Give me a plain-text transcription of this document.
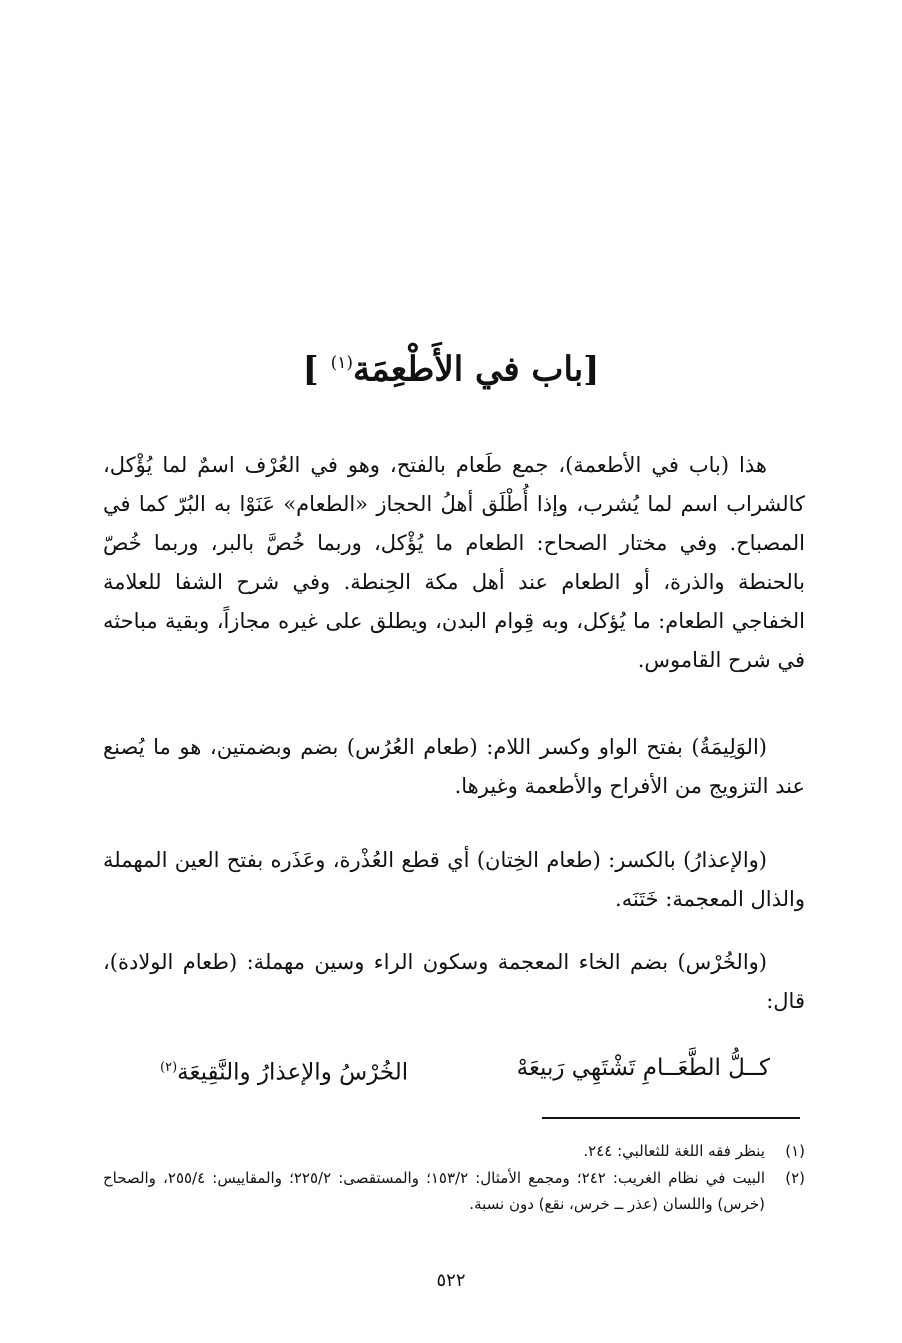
[باب في الأَطْعِمَة$^{(١)}$ ]

هذا (باب في الأطعمة)، جمع طَعام بالفتح، وهو في العُرْف اسمٌ لما يُؤْكل، كالشراب اسم لما يُشرب، وإذا أُطْلَق أهلُ الحجاز «الطعام» عَنَوْا به البُرّ كما في المصباح. وفي مختار الصحاح: الطعام ما يُؤْكل، وربما خُصَّ بالبر، وربما خُصّ بالحنطة والذرة، أو الطعام عند أهل مكة الحِنطة. وفي شرح الشفا للعلامة الخفاجي الطعام: ما يُؤكل، وبه قِوام البدن، ويطلق على غيره مجازاً، وبقية مباحثه في شرح القاموس.

(الوَلِيمَةُ) بفتح الواو وكسر اللام: (طعام العُرُس) بضم وبضمتين، هو ما يُصنع عند التزويج من الأفراح والأطعمة وغيرها.

(والإعذارُ) بالكسر: (طعام الخِتان) أي قطع العُذْرة، وعَذَره بفتح العين المهملة والذال المعجمة: خَتَنَه.

(والخُرْس) بضم الخاء المعجمة وسكون الراء وسين مهملة: (طعام الولادة)، قال:

كــلُّ الطَّعَــامِ تَشْتَهِي رَبيعَهْ
الخُرْسُ والإعذارُ والنَّقِيعَة$^{(٢)}$
(١)
ينظر فقه اللغة للثعالبي: ٢٤٤.
(٢)
البيت في نظام الغريب: ٢٤٢؛ ومجمع الأمثال: ١٥٣/٢؛ والمستقصى: ٢٢٥/٢؛ والمقاييس: ٢٥٥/٤، والصحاح (خرس) واللسان (عذر ــ خرس، نقع) دون نسبة.
٥٢٢
